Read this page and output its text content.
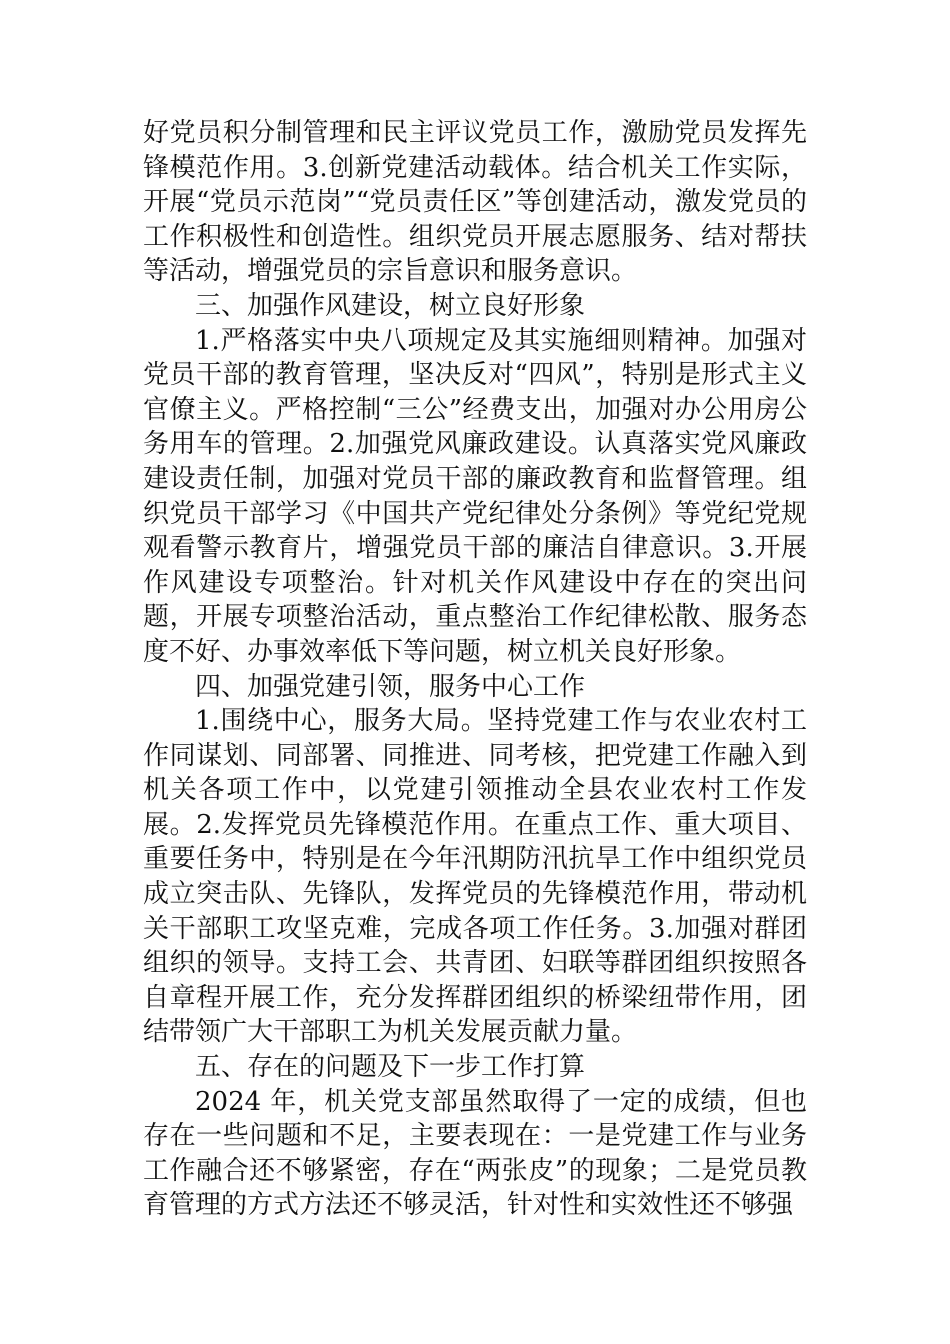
好党员积分制管理和民主评议党员工作，激励党员发挥先锋模范作用。3.创新党建活动载体。结合机关工作实际，开展“党员示范岗”“党员责任区”等创建活动，激发党员的工作积极性和创造性。组织党员开展志愿服务、结对帮扶等活动，增强党员的宗旨意识和服务意识。

三、加强作风建设，树立良好形象

1.严格落实中央八项规定及其实施细则精神。加强对党员干部的教育管理，坚决反对“四风”，特别是形式主义官僚主义。严格控制“三公”经费支出，加强对办公用房公务用车的管理。2.加强党风廉政建设。认真落实党风廉政建设责任制，加强对党员干部的廉政教育和监督管理。组织党员干部学习《中国共产党纪律处分条例》等党纪党规观看警示教育片，增强党员干部的廉洁自律意识。3.开展作风建设专项整治。针对机关作风建设中存在的突出问题，开展专项整治活动，重点整治工作纪律松散、服务态度不好、办事效率低下等问题，树立机关良好形象。

四、加强党建引领，服务中心工作

1.围绕中心，服务大局。坚持党建工作与农业农村工作同谋划、同部署、同推进、同考核，把党建工作融入到机关各项工作中，以党建引领推动全县农业农村工作发展。2.发挥党员先锋模范作用。在重点工作、重大项目、重要任务中，特别是在今年汛期防汛抗旱工作中组织党员成立突击队、先锋队，发挥党员的先锋模范作用，带动机关干部职工攻坚克难，完成各项工作任务。3.加强对群团组织的领导。支持工会、共青团、妇联等群团组织按照各自章程开展工作，充分发挥群团组织的桥梁纽带作用，团结带领广大干部职工为机关发展贡献力量。

五、存在的问题及下一步工作打算

2024 年，机关党支部虽然取得了一定的成绩，但也存在一些问题和不足，主要表现在：一是党建工作与业务工作融合还不够紧密，存在“两张皮”的现象；二是党员教育管理的方式方法还不够灵活，针对性和实效性还不够强
